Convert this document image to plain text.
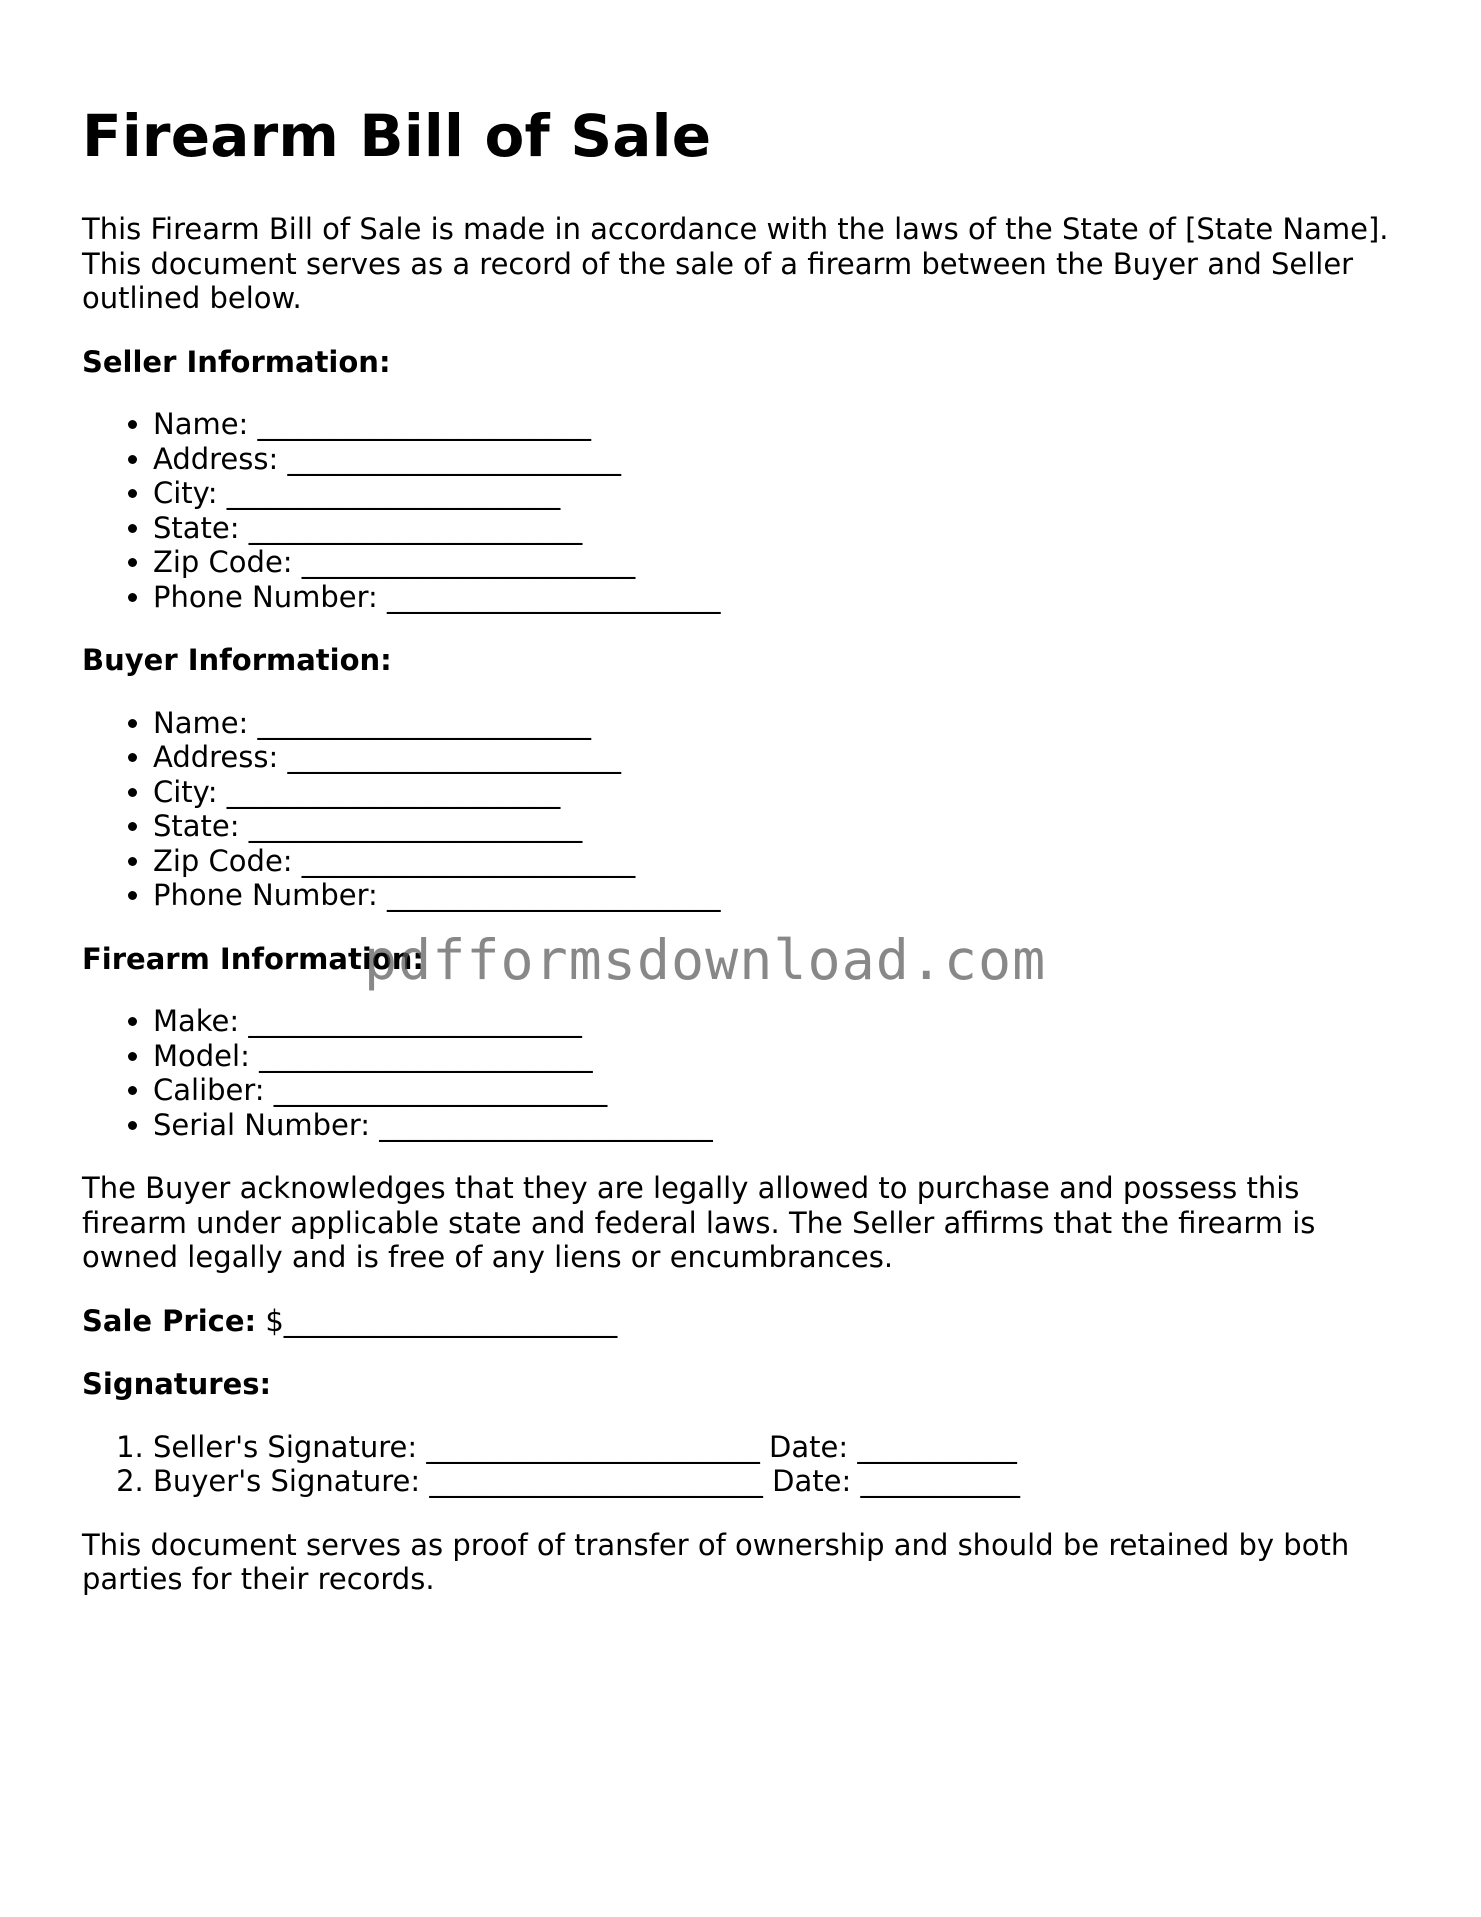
Firearm Bill of Sale

This Firearm Bill of Sale is made in accordance with the laws of the State of [State Name]. This document serves as a record of the sale of a firearm between the Buyer and Seller outlined below.

Seller Information:
• Name: _______________________
• Address: _______________________
• City: _______________________
• State: _______________________
• Zip Code: _______________________
• Phone Number: _______________________
Buyer Information:
• Name: _______________________
• Address: _______________________
• City: _______________________
• State: _______________________
• Zip Code: _______________________
• Phone Number: _______________________
Firearm Information:
• Make: _______________________
• Model: _______________________
• Caliber: _______________________
• Serial Number: _______________________

The Buyer acknowledges that they are legally allowed to purchase and possess this firearm under applicable state and federal laws. The Seller affirms that the firearm is owned legally and is free of any liens or encumbrances.

Sale Price: $_______________________

Signatures:
1. Seller's Signature: _______________________ Date: ___________
2. Buyer's Signature: _______________________ Date: ___________

This document serves as proof of transfer of ownership and should be retained by both parties for their records.

pdfformsdownload.com
